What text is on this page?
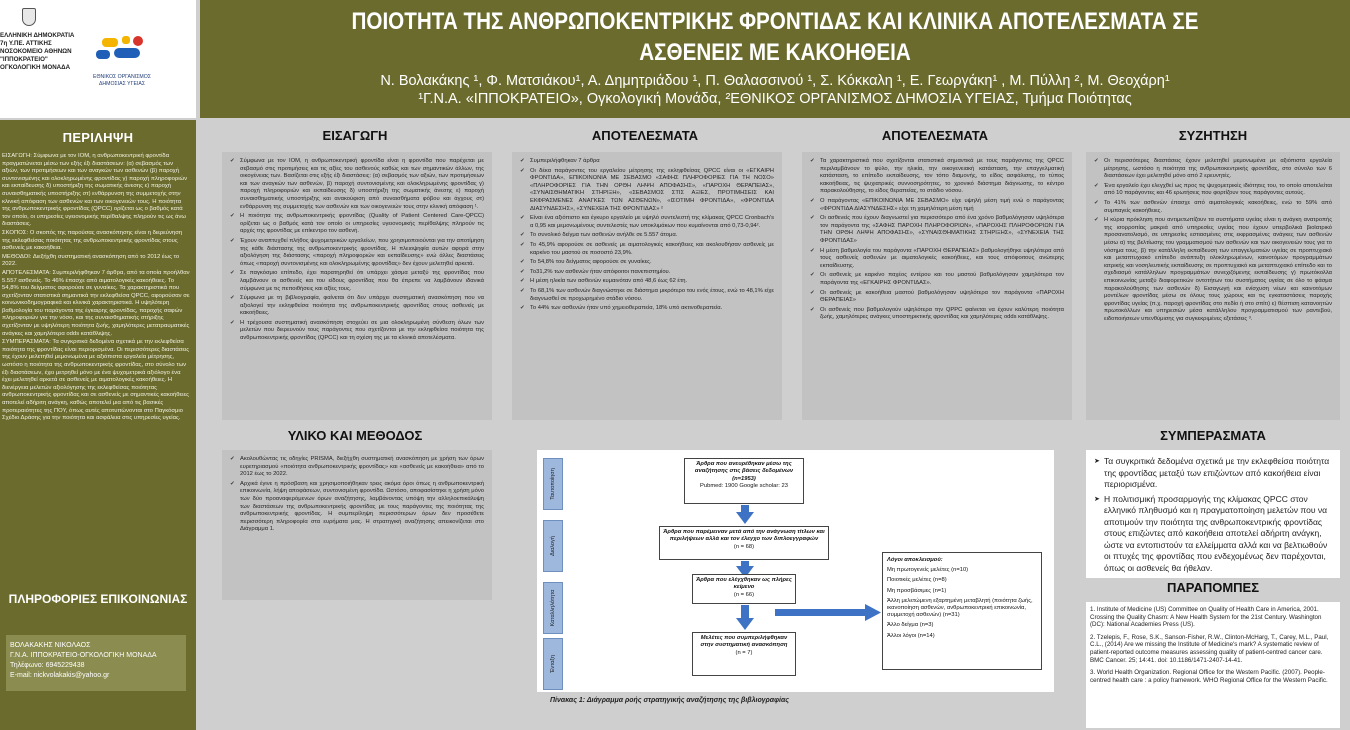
ΕΛΛΗΝΙΚΗ ΔΗΜΟΚΡΑΤΙΑ
7η Υ.ΠΕ. ΑΤΤΙΚΗΣ
ΝΟΣΟΚΟΜΕΙΟ ΑΘΗΝΩΝ
"ΙΠΠΟΚΡΑΤΕΙΟ"
ΟΓΚΟΛΟΓΙΚΗ ΜΟΝΑΔΑ
ΕΘΝΙΚΟΣ ΟΡΓΑΝΙΣΜΟΣ
ΔΗΜΟΣΙΑΣ ΥΓΕΙΑΣ
ΠΟΙΟΤΗΤΑ ΤΗΣ ΑΝΘΡΩΠΟΚΕΝΤΡΙΚΗΣ ΦΡΟΝΤΙΔΑΣ ΚΑΙ ΚΛΙΝΙΚΑ ΑΠΟΤΕΛΕΣΜΑΤΑ ΣΕ ΑΣΘΕΝΕΙΣ ΜΕ ΚΑΚΟΗΘΕΙΑ
Ν. Βολακάκης ¹, Φ. Ματσιάκου¹, Α. Δημητριάδου ¹, Π. Θαλασσινού ¹, Σ. Κόκκαλη ¹, Ε. Γεωργάκη¹ , Μ. Πύλλη ², Μ. Θεοχάρη¹
¹Γ.Ν.Α. «ΙΠΠΟΚΡΑΤΕΙΟ», Ογκολογική Μονάδα, ²ΕΘΝΙΚΟΣ ΟΡΓΑΝΙΣΜΟΣ ΔΗΜΟΣΙΑ ΥΓΕΙΑΣ, Τμήμα Ποιότητας
ΠΕΡΙΛΗΨΗ

ΕΙΣΑΓΩΓΗ: Σύμφωνα με τον IOM, η ανθρωποκεντρική φροντίδα πραγματώνεται μέσω των εξής έξι διαστάσεων: (α) σεβασμός των αξιών, των προτιμήσεων και των αναγκών των ασθενών (β) παροχή συντονισμένης και ολοκληρωμένης φροντίδας γ) παροχή πληροφοριών και εκπαίδευσης δ) υποστήριξη της σωματικής άνεσης ε) παροχή συναισθηματικής υποστήριξης στ) ενθάρρυνση της συμμετοχής στην κλινική απόφαση των ασθενών και των οικογενειών τους. Η ποιότητα της ανθρωποκεντρικής φροντίδας (QPCC) ορίζεται ως ο βαθμός κατά τον οποίο, οι υπηρεσίες υγειονομικής περίθαλψης πληρούν τις ως άνω διαστάσεις.

ΣΚΟΠΟΣ: Ο σκοπός της παρούσας ανασκόπησης είναι η διερεύνηση της εκλεφθείσας ποιότητας της ανθρωποκεντρικής φροντίδας στους ασθενείς με κακοήθεια.

ΜΕΘΟΔΟΙ: Διεξήχθη συστηματική ανασκόπηση από το 2012 έως το 2022.

ΑΠΟΤΕΛΕΣΜΑΤΑ: Συμπεριλήφθηκαν 7 άρθρα, από τα οποία προήλθαν 5.557 ασθενείς. Το 46% έπασχε από αιματολογικές κακοήθειες. Το 54,8% του δείγματος αφορούσε σε γυναίκες. Τα χαρακτηριστικά που σχετίζονταν στατιστικά σημαντικά την εκλεφθείσα QPCC, αφορούσαν σε κοινωνικοδημογραφικά και κλινικά χαρακτηριστικά. Η υψηλότερη βαθμολογία του παράγοντα της έγκαιρης φροντίδας, παροχής σαφών πληροφοριών για την νόσο, και της συναισθηματικής στήριξης σχετίζονταν με υψηλότερη ποιότητα ζωής, χαμηλότερες μετατραυματικές ανάγκες και χαμηλότερα odds κατάθλιψης.

ΣΥΜΠΕΡΑΣΜΑΤΑ: Τα συγκριτικά δεδομένα σχετικά με την εκλεφθείσα ποιότητα της φροντίδας είναι περιορισμένα. Οι περισσότερες διαστάσεις της έχουν μελετηθεί μεμονωμένα με αξιόπιστα εργαλεία μέτρησης, ωστόσο η ποιότητα της ανθρωποκεντρικής φροντίδας, στο σύνολο των έξι διαστάσεων, έχει μετρηθεί μόνο με ένα ψυχομετρικά αξιόλογο ένα έχει μελετηθεί αρκετά σε ασθενείς με αιματολογικές κακοήθειες. Η διενέργεια μελετών αξιολόγησης της εκλεφθείσας ποιότητας ανθρωποκεντρικής φροντίδας και σε ασθενείς με σημαντικές κακοήθειες αποτελεί αδήριτη ανάγκη, καθώς αποτελεί μια από τις βασικές προτεραιότητες της ΠΟΥ, όπως αυτές αποτυπώνονται στο Παγκόσμιο Σχέδιο Δράσης για την ποιότητα και ασφάλεια στις υπηρεσίες υγείας.

ΠΛΗΡΟΦΟΡΙΕΣ ΕΠΙΚΟΙΝΩΝΙΑΣ
ΒΟΛΑΚΑΚΗΣ ΝΙΚΟΛΑΟΣ
Γ.Ν.Α. ΙΠΠΟΚΡΑΤΕΙΟ-ΟΓΚΟΛΟΓΙΚΗ ΜΟΝΑΔΑ
Τηλέφωνο: 6945229438
E-mail: nickvolakakis@yahoo.gr
ΕΙΣΑΓΩΓΗ	ΑΠΟΤΕΛΕΣΜΑΤΑ	ΑΠΟΤΕΛΕΣΜΑΤΑ	ΣΥΖΗΤΗΣΗ
✔ Σύμφωνα με τον IOM, η ανθρωποκεντρική φροντίδα είναι η φροντίδα που παρέχεται με σεβασμό στις προτιμήσεις και τις αξίες του ασθενούς καθώς και των σημαντικών άλλων, της οικογένειας των. Βασίζεται στις εξής έξι διαστάσεις: (α) σεβασμός των αξιών, των προτιμήσεων και των αναγκών των ασθενών, β) παροχή συντονισμένης και ολοκληρωμένης φροντίδας γ) παροχή πληροφοριών και εκπαίδευσης δ) υποστήριξη της σωματικής άνεσης ε) παροχή συναισθηματικής υποστήριξης και ανακούφιση από συναισθήματα φόβου και άγχους στ) ενθάρρυνση της συμμετοχής των ασθενών και των οικογενειών τους στην κλινική απόφαση ¹.
✔ Η ποιότητα της ανθρωποκεντρικής φροντίδας (Quality of Patient Centered Care-QPCC) ορίζεται ως ο βαθμός κατά τον οποίο οι υπηρεσίες υγειονομικής περίθαλψης πληρούν τις αρχές της φροντίδας με επίκεντρο τον ασθενή.
✔ Έχουν αναπτυχθεί πλήθος ψυχομετρικών εργαλείων, που χρησιμοποιούνται για την αποτίμηση της κάθε διάστασης της ανθρωποκεντρικής φροντίδας. Η πλειοψηφία αυτών αφορά στην αξιολόγηση της διάστασης «παροχή πληροφοριών και εκπαίδευσης» ενώ άλλες διαστάσεις όπως «παροχή συντονισμένης και ολοκληρωμένης φροντίδας» δεν έχουν μελετηθεί αρκετά.
✔ Σε παγκόσμιο επίπεδο, έχει παρατηρηθεί ότι υπάρχει χάσμα μεταξύ της φροντίδας που λαμβάνουν οι ασθενείς και του είδους φροντίδας που θα έπρεπε να λαμβάνουν ιδανικά σύμφωνα με τις πεποιθήσεις και αξίες τους.
✔ Σύμφωνα με τη βιβλιογραφία, φαίνεται ότι δεν υπάρχει συστηματική ανασκόπηση που να αξιολογεί την εκληφθείσα ποιότητα της ανθρωποκεντρικής φροντίδας στους ασθενείς με κακοήθειες.
✔ Η τρέχουσα συστηματική ανασκόπηση στοχεύει σε μια ολοκληρωμένη σύνθεση όλων των μελετών που διερευνούν τους παράγοντες που σχετίζονται με την εκληφθείσα ποιότητα της ανθρωποκεντρικής φροντίδας (QPCC) και τη σχέση της με τα κλινικά αποτελέσματα.
✔ Συμπεριλήφθηκαν 7 άρθρα
✔ Οι δέκα παράγοντες του εργαλείου μέτρησης της εκληφθείσας QPCC είναι οι «ΕΓΚΑΙΡΗ ΦΡΟΝΤΙΔΑ», ΕΠΙΚΟΙΝΩΝΙΑ ΜΕ ΣΕΒΑΣΜΟ «ΣΑΦΗΣ ΠΛΗΡΟΦΟΡΙΕΣ ΓΙΑ ΤΗ ΝΟΣΟ» «ΠΛΗΡΟΦΟΡΙΕΣ ΓΙΑ ΤΗΝ ΟΡΘΗ ΛΗΨΗ ΑΠΟΦΑΣΗΣ», «ΠΑΡΟΧΗ ΘΕΡΑΠΕΙΑΣ», «ΣΥΝΑΙΣΘΗΜΑΤΙΚΗ ΣΤΗΡΙΞΗ», «ΣΕΒΑΣΜΟΣ ΣΤΙΣ ΑΞΙΕΣ, ΠΡΟΤΙΜΗΣΕΙΣ ΚΑΙ ΕΚΦΡΑΣΜΕΝΕΣ ΑΝΑΓΚΕΣ ΤΩΝ ΑΣΘΕΝΩΝ», «ΙΣΟΤΙΜΗ ΦΡΟΝΤΙΔΑ», «ΦΡΟΝΤΙΔΑ ΔΙΑΣΥΝΔΕΣΗΣ», «ΣΥΝΕΧΕΙΑ ΤΗΣ ΦΡΟΝΤΙΔΑΣ» ²
✔ Είναι ένα αξιόπιστο και έγκυρο εργαλείο με υψηλό συντελεστή της κλίμακας QPCC Cronbach's α 0,95 και μεμονωμένους συντελεστές των υποκλιμάκων που κυμαίνονται από 0,73-0,94².
✔ Το συνολικό δείγμα των ασθενών ανήλθε σε 5.557 άτομα.
✔ Το 45,9% αφορούσε σε ασθενείς με αιματολογικές κακοήθειες και ακολουθήσαν ασθενείς με καρκίνο του μαστού σε ποσοστό 23,9%.
✔ Το 54,8% του δείγματος αφορούσε σε γυναίκες.
✔ Το31,2% των ασθενών ήταν απόφοιτοι πανεπιστημίου.
✔ Η μέση ηλικία των ασθενών κυμαινόταν από 48,6 έως 62 έτη.
✔ Το 68,1% των ασθενών διαγνώστηκε σε διάστημα μικρότερο του ενός έτους, ενώ το 48,1% είχε διαγνωσθεί σε προχωρημένο στάδιο νόσου.
✔ Το 44% των ασθενών ήταν υπό χημειοθεραπεία, 18% υπό ακτινοθεραπεία.
✔ Τα χαρακτηριστικά που σχετίζονται στατιστικά σημαντικά με τους παράγοντες της QPCC περιλαμβάνουν το φύλο, την ηλικία, την οικογενειακή κατάσταση, την επαγγελματική κατάσταση, το επίπεδο εκπαίδευσης, τον τόπο διαμονής, το είδος ασφάλισης, το τύπος κακοήθειας, τις ψυχιατρικές συννοσηρότητες, το χρονικό διάστημα διάγνωσης, το κέντρο παρακολούθησης, το είδος θεραπείας, το στάδιο νόσου.
✔ Ο παράγοντας «ΕΠΙΚΟΙΝΩΝΙΑ ΜΕ ΣΕΒΑΣΜΟ» είχε υψηλή μέση τιμή ενώ ο παράγοντας «ΦΡΟΝΤΙΔΑ ΔΙΑΣΥΝΔΕΣΗΣ» είχε τη χαμηλότερη μέση τιμή
✔ Οι ασθενείς που έχουν διαγνωστεί για περισσότερο από ένα χρόνο βαθμολόγησαν υψηλότερα τον παράγοντα της «ΣΑΦΗΣ ΠΑΡΟΧΗ ΠΛΗΡΟΦΟΡΙΩΝ», «ΠΑΡΟΧΗΣ ΠΛΗΡΟΦΟΡΙΩΝ ΓΙΑ ΤΗΝ ΟΡΘΗ ΛΗΨΗ ΑΠΟΦΑΣΗΣ», «ΣΥΝΑΙΣΘΗΜΑΤΙΚΗΣ ΣΤΗΡΙΞΗΣ», «ΣΥΝΕΧΕΙΑ ΤΗΣ ΦΡΟΝΤΙΔΑΣ»
✔ Η μέση βαθμολογία του παράγοντα «ΠΑΡΟΧΗ ΘΕΡΑΠΕΙΑΣ» βαθμολογήθηκε υψηλότερα από τους ασθενείς ασθενών με αιματολογικές κακοήθειες, και τους απόφοιτους ανώτερης εκπαίδευσης.
✔ Οι ασθενείς με καρκίνο παχέος εντέρου και του μαστού βαθμολόγησαν χαμηλότερα τον παράγοντα της «ΕΓΚΑΙΡΗΣ ΦΡΟΝΤΙΔΑΣ».
✔ Οι ασθενείς με κακοήθεια μαστού βαθμολόγησαν υψηλότερα τον παράγοντα «ΠΑΡΟΧΗ ΘΕΡΑΠΕΙΑΣ»
✔ Οι ασθενείς που βαθμολογούν υψηλότερα την QPPC φαίνεται να έχουν καλύτερη ποιότητα ζωής, χαμηλότερες ανάγκες υποστηρικτικής φροντίδας και χαμηλότερες odds κατάθλιψης.
✔ Οι περισσότερες διαστάσεις έχουν μελετηθεί μεμονωμένα με αξιόπιστα εργαλεία μέτρησης, ωστόσο η ποιότητα της ανθρωποκεντρικής φροντίδας, στο σύνολο των 6 διαστάσεων έχει μελετηθεί μόνο από 2 ερευνητές.
✔ Ένα εργαλείο έχει ελεγχθεί ως προς τις ψυχομετρικές ιδιότητες του, το οποίο αποτελείται από 10 παράγοντες και 46 ερωτήσεις που φορτίζουν τους παράγοντες αυτούς.
✔ Το 41% των ασθενών έπασχε από αιματολογικές κακοήθειες, ενώ το 59% από συμπαγείς κακοήθειες.
✔ Η κύρια πρόκληση που αντιμετωπίζουν τα συστήματα υγείας είναι η ανάγκη ανατροπής της ισορροπίας μακριά από υπηρεσίες υγείας που έχουν υπερβολικά βιοϊατρικό προσανατολισμό, σε υπηρεσίες εστιασμένες στις εκφρασμένες ανάγκες των ασθενών μέσω α) της βελτίωσης του γραμματισμού των ασθενών και των οικογενειών τους για το νόσημα τους, β) την κατάλληλη εκπαίδευση των επαγγελματιών υγείας σε προπτυχιακό και μεταπτυχιακό επίπεδο ανάπτυξη ολοκληρωμένων, καινοτόμων προγραμμάτων ιατρικής και νοσηλευτικής εκπαίδευσης σε προπτυχιακό και μεταπτυχιακό επίπεδο και το σχεδιασμό κατάλληλων προγραμμάτων συνεχιζόμενης εκπαίδευσης γ) πρωτόκολλα επικοινωνίας μεταξύ διαφορετικών οντοτήτων του συστήματος υγείας σε όλο το φάσμα παρακολούθησης των ασθενών δ) Εισαγωγή και ενίσχυση νέων και καινοτόμων μοντέλων φροντίδας μέσω σε όλους τους χώρους και τις εγκαταστάσεις παροχής φροντίδας υγείας (π.χ. παροχή φροντίδας στο πεδίο ή στο σπίτι) ε) θέσπιση κατανοητών πρωτοκόλλων και υπηρεσιών μέσα κατάλληλου προγραμματισμού των ραντεβού, ειδοποιήσεων υπενθύμισης για συγκεκριμένες εξετάσεις ³.
ΥΛΙΚΟ ΚΑΙ ΜΕΘΟΔΟΣ
✔ Ακολουθώντας τις οδηγίες PRISMA, διεξήχθη συστηματική ανασκόπηση με χρήση των όρων ευρετηριασμού «ποιότητα ανθρωποκεντρικής φροντίδας» και «ασθενείς με κακοήθεια» από το 2012 έως το 2022.
✔ Αρχικά έγινε η πρόσβαση και χρησιμοποιήθηκαν τρεις ακόμα όροι όπως η ανθρωποκεντρική επικοινωνία, λήψη αποφάσεων, συντονισμένη φροντίδα. Ωστόσο, αποφασίστηκε η χρήση μόνο των δύο προαναφερόμενων όρων αναζήτησης, λαμβάνοντας υπόψη την αλληλοεπικάλυψη των διαστάσεων της ανθρωποκεντρικής φροντίδας με τους παράγοντες της ποιότητας της ανθρωποκεντρικής φροντίδας. Η συμπερίληψη περισσότερων όρων δεν προσέθετε περισσότερη πληροφορία στα ευρήματα μας. Η στρατηγική αναζήτησης απεικονίζεται στο Διάγραμμα 1.
Ταυτοποίηση
Διαλογή
Καταλληλότητα
Ένταξη
Άρθρα που ανευρέθηκαν μέσω της αναζήτησης στις βάσεις δεδομένων (n=1953)
Pubmed: 1900 Google scholar: 23
Άρθρα που παρέμειναν μετά από την ανάγνωση τίτλων και περιλήψεων αλλά και τον έλεγχο των διπλοεγγραφών
(n = 68)
Άρθρα που ελέγχθηκαν ως πλήρες κείμενο
(n = 66)
Μελέτες που συμπεριλήφθηκαν στην συστηματική ανασκόπηση
(n = 7)

Λόγοι αποκλεισμού:

Μη πρωτογενείς μελέτες (n=10)

Ποιοτικές μελέτες (n=8)

Μη προσβάσιμες (n=1)

Άλλη μελετώμενη εξαρτημένη μεταβλητή (ποιότητα ζωής, ικανοποίηση ασθενών, ανθρωποκεντρική επικοινωνία, συμμετοχή ασθενών) (n=31)

Άλλο δείγμα (n=3)

Άλλοι λόγοι (n=14)

Πίνακας 1: Διάγραμμα ροής στρατηγικής αναζήτησης της βιβλιογραφίας
ΣΥΜΠΕΡΑΣΜΑΤΑ
➤ Τα συγκριτικά δεδομένα σχετικά με την εκλεφθείσα ποιότητα της φροντίδας μεταξύ των επιζώντων από κακοήθεια είναι περιορισμένα.
➤ Η πολιτισμική προσαρμογής της κλίμακας QPCC στον ελληνικό πληθυσμό και η πραγματοποίηση μελετών που να αποτιμούν την ποιότητα της ανθρωποκεντρικής φροντίδας στους επιζώντες από κακοήθεια αποτελεί αδήριτη ανάγκη, ώστε να εντοπιστούν τα ελλείμματα αλλά και να βελτιωθούν οι πτυχές της φροντίδας που ενδεχομένως δεν παρέχονται, όπως οι ασθενείς θα ήθελαν.
ΠΑΡΑΠΟΜΠΕΣ

1. Institute of Medicine (US) Committee on Quality of Health Care in America, 2001. Crossing the Quality Chasm: A New Health System for the 21st Century. Washington (DC): National Academies Press (US).

2. Tzelepis, F., Rose, S.K., Sanson-Fisher, R.W., Clinton-McHarg, T., Carey, M.L., Paul, C.L., (2014) Are we missing the Institute of Medicine's mark? A systematic review of patient-reported outcome measures assessing quality of patient-centred cancer care. BMC Cancer. 25; 14:41. doi: 10.1186/1471-2407-14-41.

3. World Health Organization. Regional Office for the Western Pacific. (2007). People-centred health care : a policy framework. WHO Regional Office for the Western Pacific.
